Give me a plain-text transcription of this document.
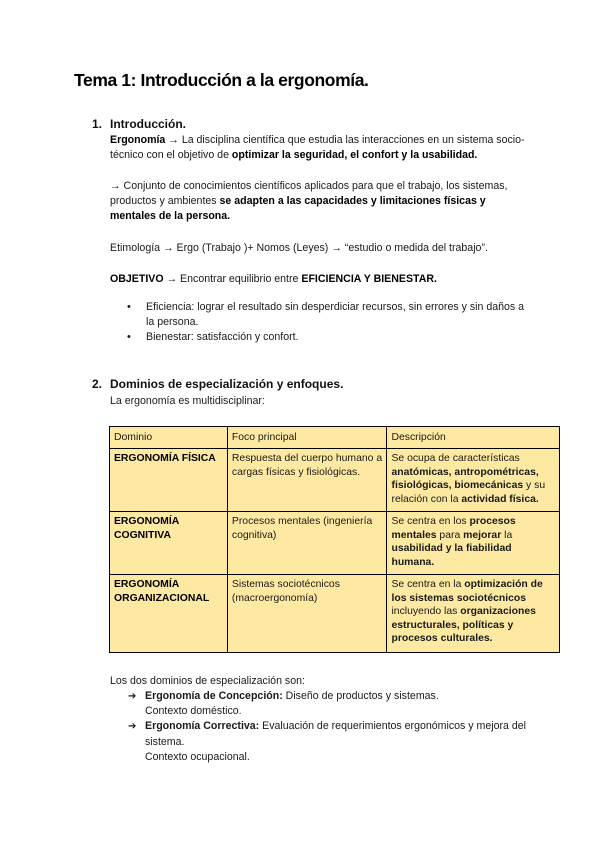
Tema 1: Introducción a la ergonomía.
1. Introducción.
Ergonomía → La disciplina científica que estudia las interacciones en un sistema socio-técnico con el objetivo de optimizar la seguridad, el confort y la usabilidad.
→ Conjunto de conocimientos científicos aplicados para que el trabajo, los sistemas, productos y ambientes se adapten a las capacidades y limitaciones físicas y mentales de la persona.
Etimología → Ergo (Trabajo )+ Nomos (Leyes) → “estudio o medida del trabajo”.
OBJETIVO → Encontrar equilibrio entre EFICIENCIA Y BIENESTAR.
• Eficiencia: lograr el resultado sin desperdiciar recursos, sin errores y sin daños a la persona.
• Bienestar: satisfacción y confort.
2. Dominios de especialización y enfoques.
La ergonomía es multidisciplinar:
Dominio	Foco principal	Descripción
ERGONOMÍA FÍSICA	Respuesta del cuerpo humano a cargas físicas y fisiológicas.	Se ocupa de características anatómicas, antropométricas, fisiológicas, biomecánicas y su relación con la actividad física.
ERGONOMÍA COGNITIVA	Procesos mentales (ingeniería cognitiva)	Se centra en los procesos mentales para mejorar la usabilidad y la fiabilidad humana.
ERGONOMÍA ORGANIZACIONAL	Sistemas sociotécnicos (macroergonomía)	Se centra en la optimización de los sistemas sociotécnicos incluyendo las organizaciones estructurales, políticas y procesos culturales.
Los dos dominios de especialización son:
➔ Ergonomía de Concepción: Diseño de productos y sistemas.
Contexto doméstico.
➔ Ergonomía Correctiva: Evaluación de requerimientos ergonómicos y mejora del sistema.
Contexto ocupacional.
